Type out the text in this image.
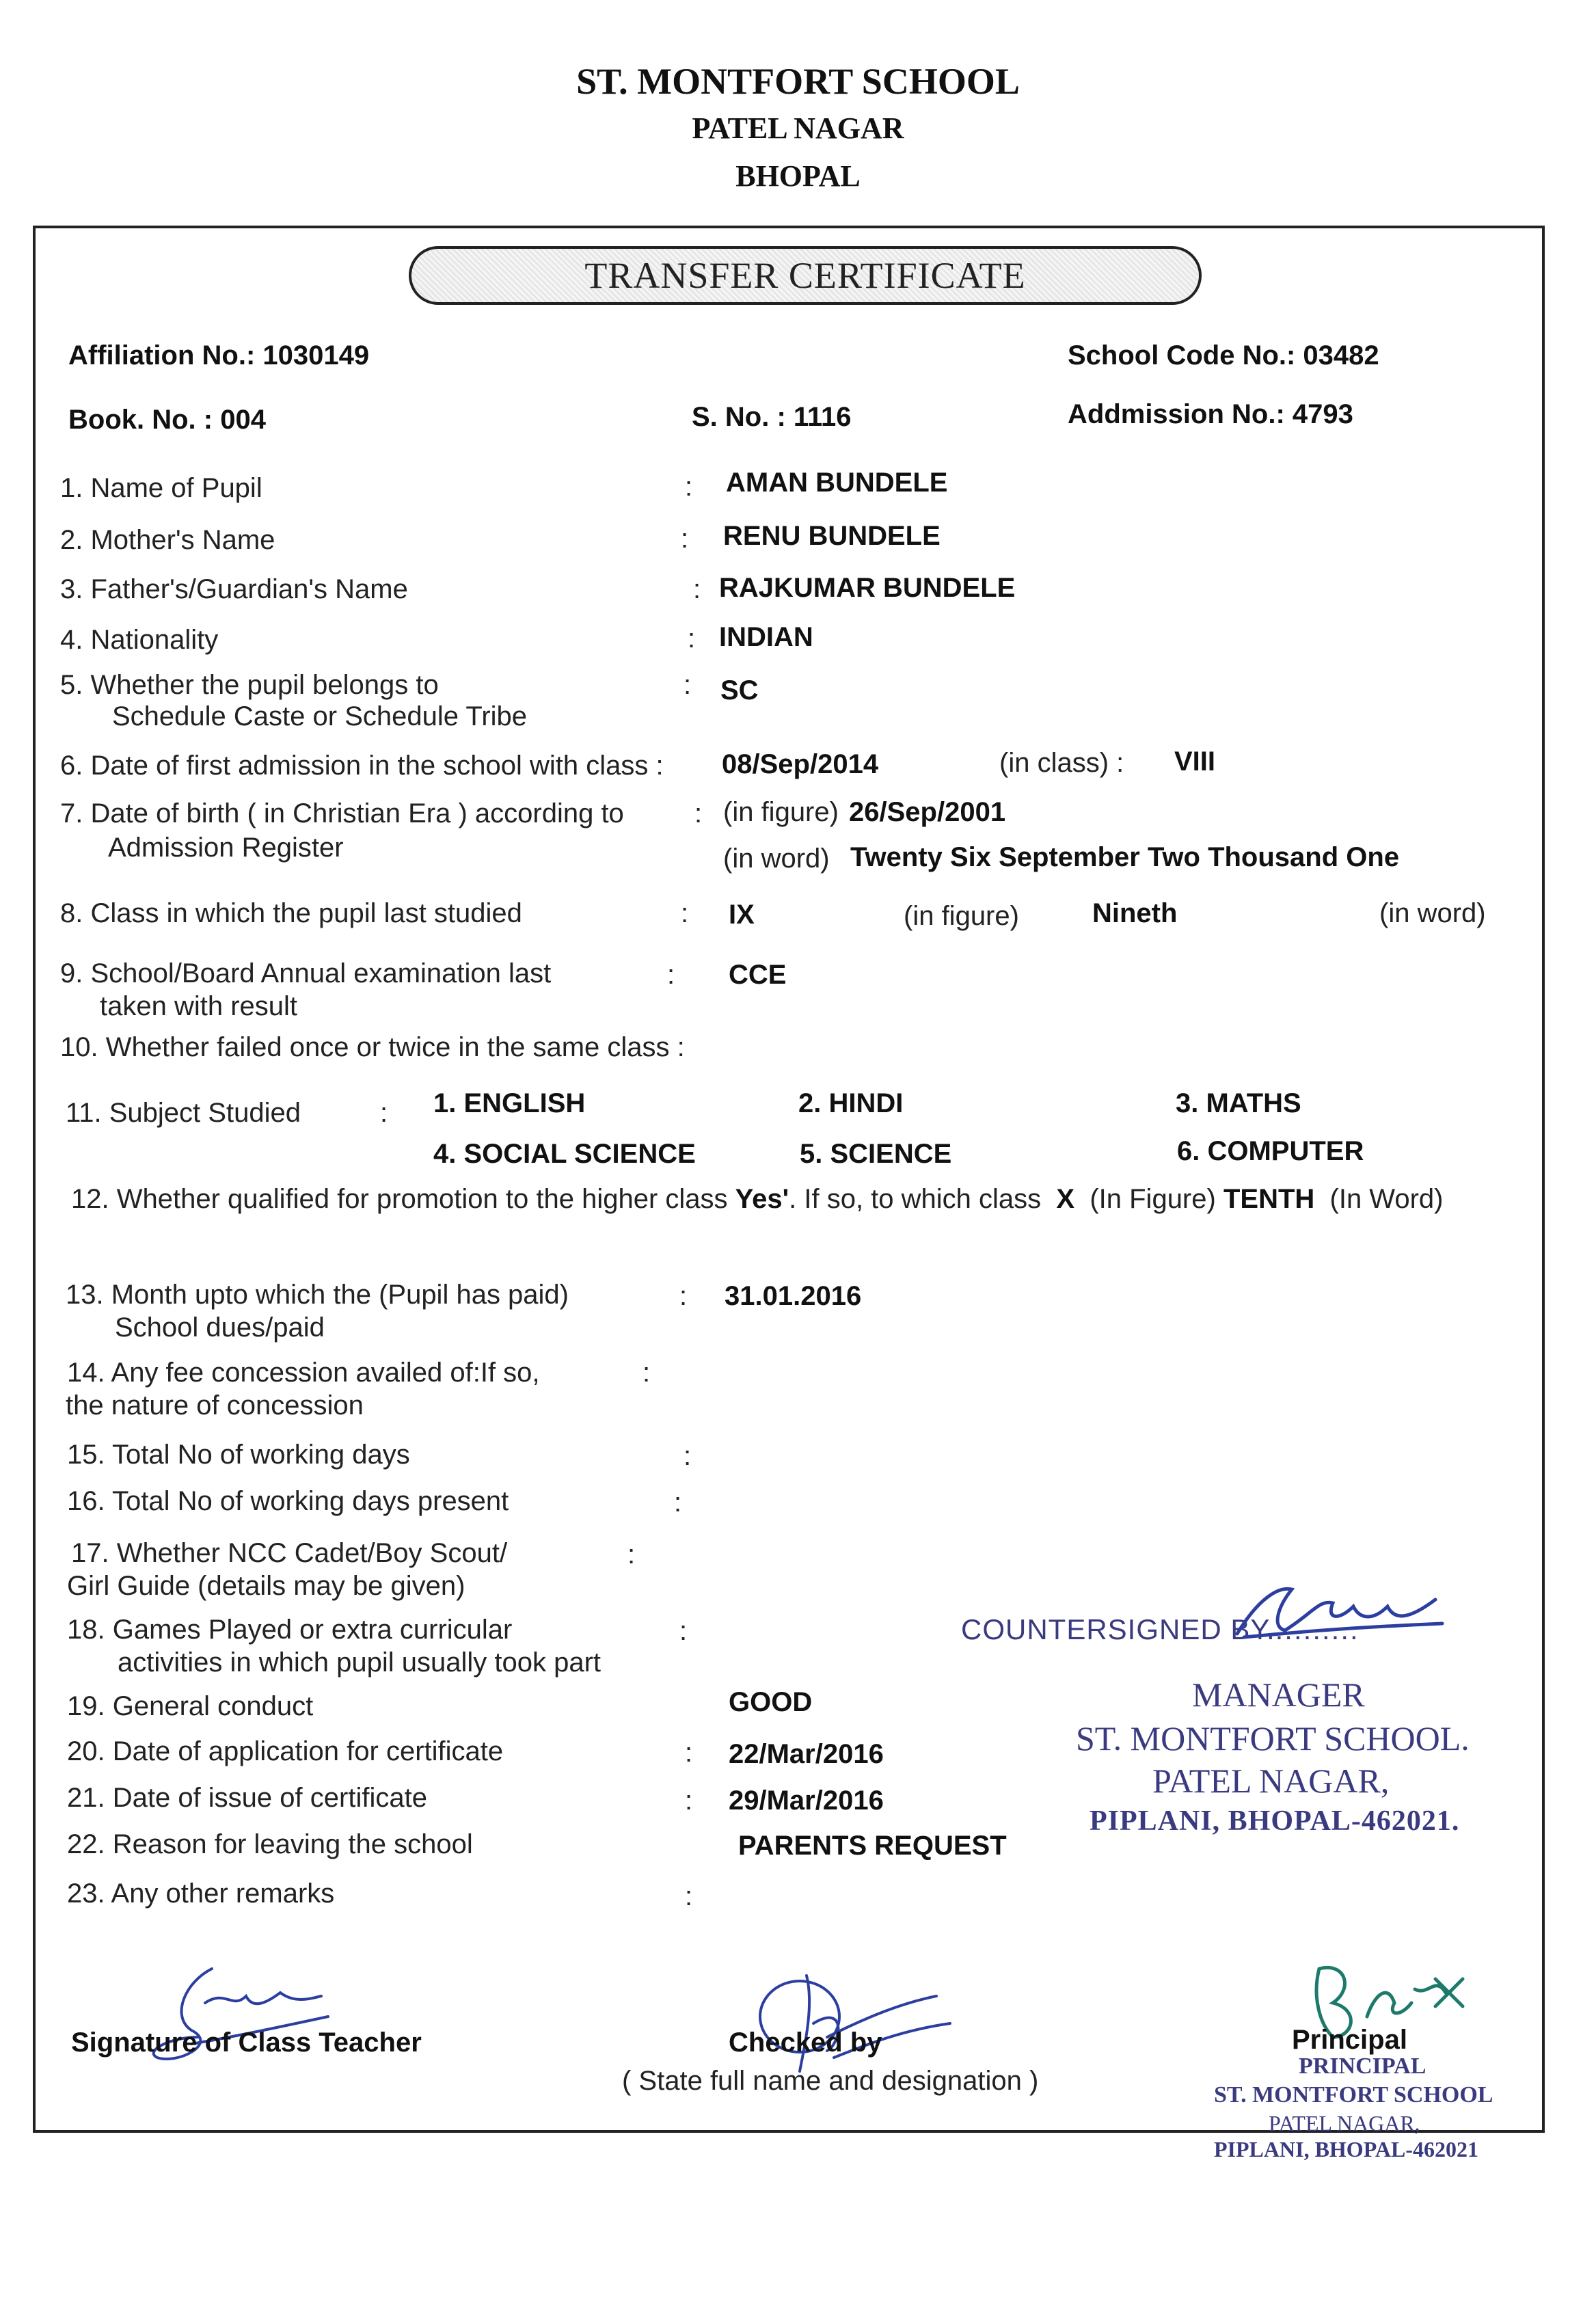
ST. MONTFORT SCHOOL
PATEL NAGAR
BHOPAL
TRANSFER CERTIFICATE
Affiliation No.: 1030149	School Code No.: 03482
Book. No. : 004	S. No. : 1116	Addmission No.: 4793
1. Name of Pupil	: AMAN BUNDELE
2. Mother's Name	: RENU BUNDELE
3. Father's/Guardian's Name	: RAJKUMAR BUNDELE
4. Nationality	: INDIAN
5. Whether the pupil belongs to
Schedule Caste or Schedule Tribe
: SC
6. Date of first admission in the school with class : 08/Sep/2014	(in class) : VIII
7. Date of birth ( in Christian Era ) according to
Admission Register
: (in figure) 26/Sep/2001
(in word) Twenty Six September Two Thousand One
8. Class in which the pupil last studied	: IX	(in figure)	Nineth	(in word)
9. School/Board Annual examination last
taken with result
: CCE
10. Whether failed once or twice in the same class :
11. Subject Studied	: 1. ENGLISH	2. HINDI	3. MATHS
4. SOCIAL SCIENCE	5. SCIENCE	6. COMPUTER
12. Whether qualified for promotion to the higher class Yes'. If so, to which class X (In Figure) TENTH (In Word)
13. Month upto which the (Pupil has paid)
School dues/paid
: 31.01.2016
14. Any fee concession availed of:If so,
the nature of concession
:
15. Total No of working days	:
16. Total No of working days present	:
17. Whether NCC Cadet/Boy Scout/
Girl Guide (details may be given)
:
18. Games Played or extra curricular
activities in which pupil usually took part
:
19. General conduct	GOOD
20. Date of application for certificate	: 22/Mar/2016
21. Date of issue of certificate	: 29/Mar/2016
22. Reason for leaving the school	PARENTS REQUEST
23. Any other remarks	:
COUNTERSIGNED BY..........
MANAGER
ST. MONTFORT SCHOOL.
PATEL NAGAR,
PIPLANI, BHOPAL-462021.
Signature of Class Teacher	Checked by
( State full name and designation )
Principal
PRINCIPAL
ST. MONTFORT SCHOOL
PATEL NAGAR,
PIPLANI, BHOPAL-462021
